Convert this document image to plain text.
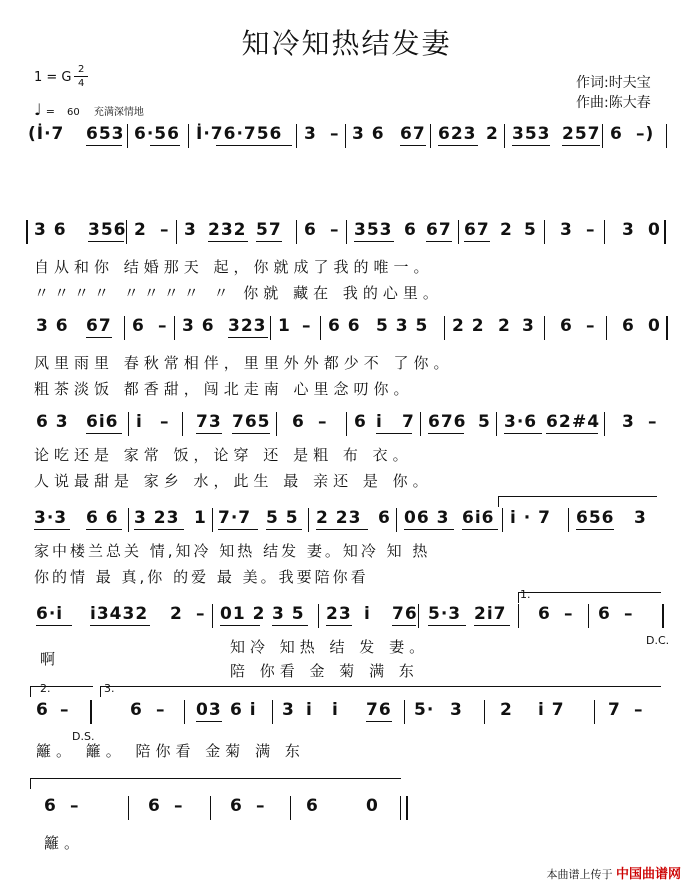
知冷知热结发妻
1 = G
2
4
♩ = 60 充满深情地
作词:时夫宝
作曲:陈大春
(İ·7 653 6·56 İ·76·756 3 – 3 6 67 623 2 353 257 6 –)
3 6 356 2 – 3 232 57 6 – 353 6 67 67 2 5 3 – 3 0
自从和你 结婚那天 起，你就成了我的唯一。
〃〃〃〃 〃〃〃〃 〃 你就 藏在 我的心里。
3 6 67 6 – 3 6 323 1 – 6 6 5 3 5 2 2 2 3 6 – 6 0
风里雨里 春秋常相伴，里里外外都少不 了你。
粗茶淡饭 都香甜，闯北走南 心里念叨你。
6 3 6i6 i – 73 765 6 – 6 i 7 676 5 3·6 62 #4 3 –
论吃还是 家常 饭，论穿 还 是粗 布 衣。
人说最甜是 家乡 水，此生 最 亲还 是 你。
3·3 6 6 3 23 1 7·7 5 5 2 23 6 06 3 6i6 i · 7 656 3
家中楼兰总关 情,知冷 知热 结发 妻。知冷 知 热
你的情 最 真,你 的爱 最 美。我要陪你看
1.
6·i i3432 2 – 01 2 3 5 23 i 76 5·3 2i7 6 – 6 –
啊
知冷 知热 结 发 妻。
陪 你看 金 菊 满 东
D.C.
2.	3.
6 –	6 – 03 6 i 3 i i 76 5· 3 2 i 7	7 –
D.S.
籬。 籬。 陪你看 金菊 满 东
6 –	6 –	6 – 6	0
籬。
本曲谱上传于 中国曲谱网
